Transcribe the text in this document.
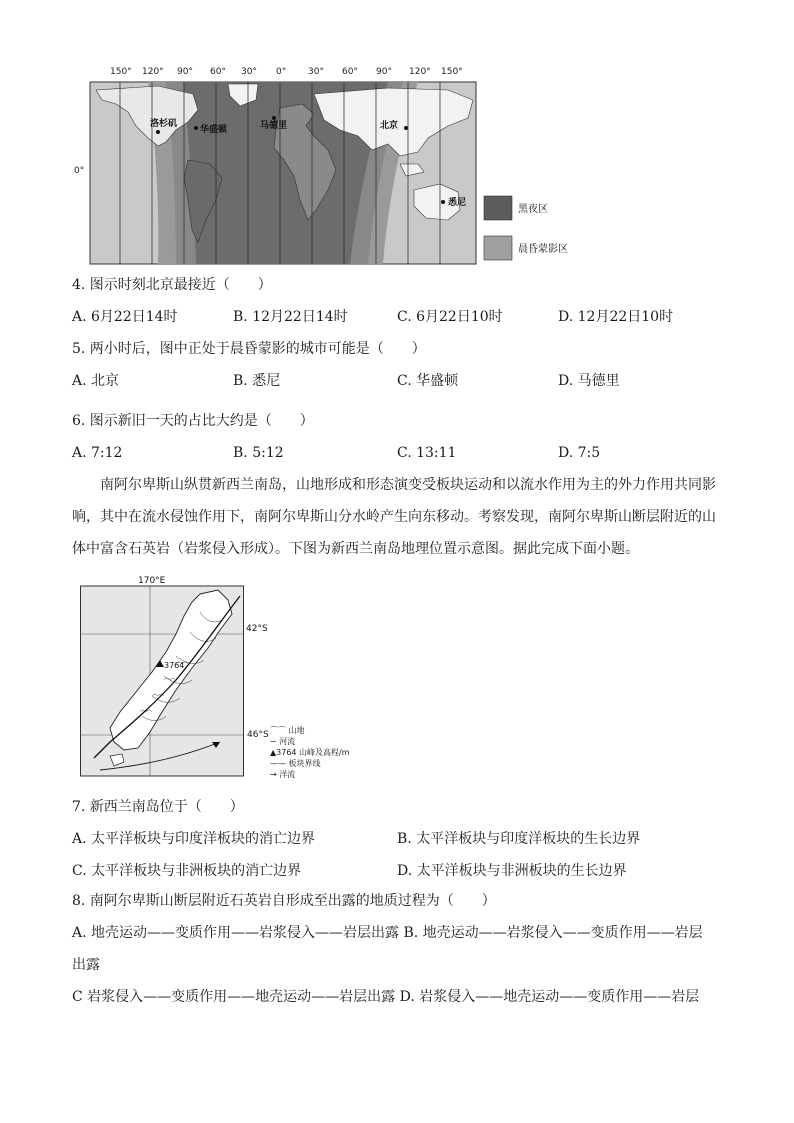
150° 120° 90° 60° 30° 0° 30° 60° 90° 120° 150°
0°
洛杉矶
华盛顿	马德里	北京
悉尼
黑夜区
晨昏蒙影区
4. 图示时刻北京最接近（　　）
A. 6月22日14时	B. 12月22日14时	C. 6月22日10时	D. 12月22日10时
5. 两小时后，图中正处于晨昏蒙影的城市可能是（　　）
A. 北京	B. 悉尼	C. 华盛顿	D. 马德里
6. 图示新旧一天的占比大约是（　　）
A. 7:12	B. 5:12	C. 13:11	D. 7:5
南阿尔卑斯山纵贯新西兰南岛，山地形成和形态演变受板块运动和以流水作用为主的外力作用共同影
响，其中在流水侵蚀作用下，南阿尔卑斯山分水岭产生向东移动。考察发现，南阿尔卑斯山断层附近的山
体中富含石英岩（岩浆侵入形成）。下图为新西兰南岛地理位置示意图。据此完成下面小题。
170°E
42°S
3764
46°S ⌒⌒ 山地
∼ 河流
▲3764 山峰及高程/m
—— 板块界线
→ 洋流
7. 新西兰南岛位于（　　）
A. 太平洋板块与印度洋板块的消亡边界	B. 太平洋板块与印度洋板块的生长边界
C. 太平洋板块与非洲板块的消亡边界	D. 太平洋板块与非洲板块的生长边界
8. 南阿尔卑斯山断层附近石英岩自形成至出露的地质过程为（　　）
A. 地壳运动——变质作用——岩浆侵入——岩层出露 B. 地壳运动——岩浆侵入——变质作用——岩层
出露
C 岩浆侵入——变质作用——地壳运动——岩层出露 D. 岩浆侵入——地壳运动——变质作用——岩层
